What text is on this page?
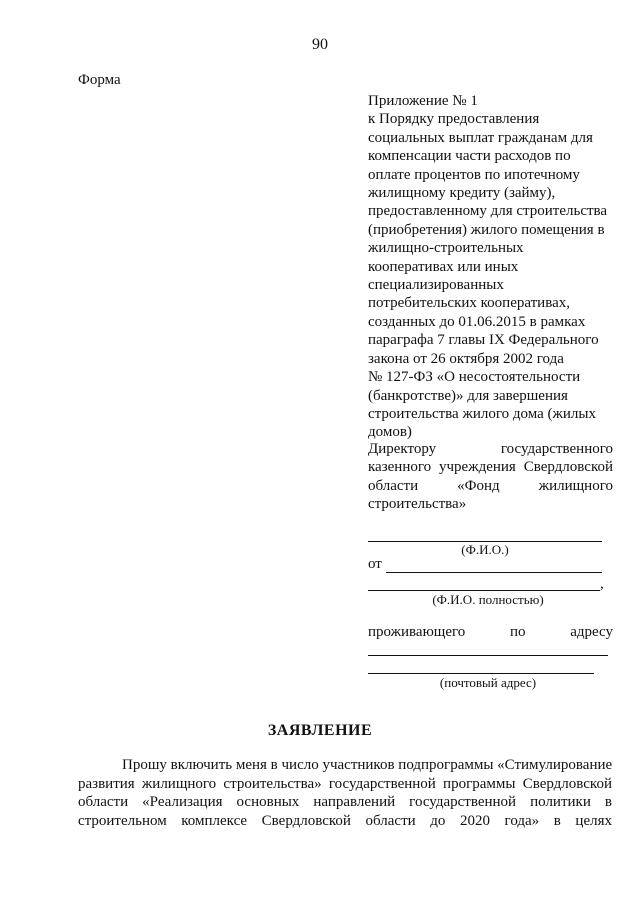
90
Форма
Приложение № 1
к Порядку предоставления
социальных выплат гражданам для
компенсации части расходов по
оплате процентов по ипотечному
жилищному кредиту (займу),
предоставленному для строительства
(приобретения) жилого помещения в
жилищно-строительных
кооперативах или иных
специализированных
потребительских кооперативах,
созданных до 01.06.2015 в рамках
параграфа 7 главы IX Федерального
закона от 26 октября 2002 года
№ 127-ФЗ «О несостоятельности
(банкротстве)» для завершения
строительства жилого дома (жилых
домов)
Директору государственного
казенного учреждения Свердловской
области «Фонд жилищного
строительства»
(Ф.И.О.)
от
,
(Ф.И.О. полностью)
проживающего	по	адресу
(почтовый адрес)
ЗАЯВЛЕНИЕ
Прошу включить меня в число участников подпрограммы «Стимулирование
развития жилищного строительства» государственной программы Свердловской
области «Реализация основных направлений государственной политики в
строительном комплексе Свердловской области до 2020 года» в целях
